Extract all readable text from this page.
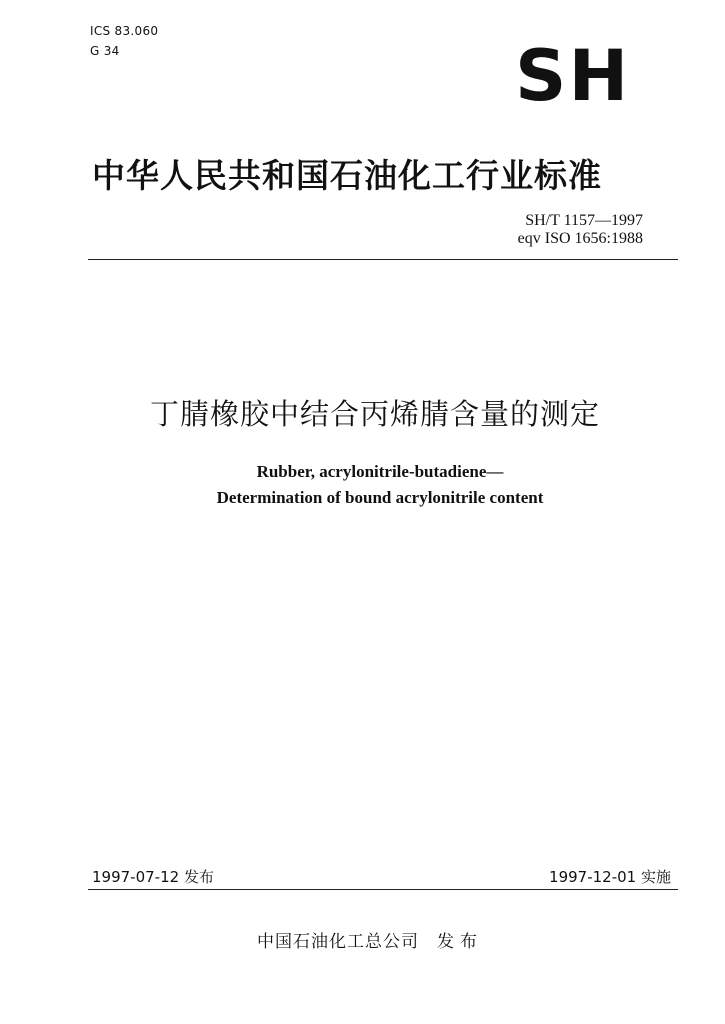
ICS 83.060
G 34	SH
中华人民共和国石油化工行业标准
SH/T 1157—1997
eqv ISO 1656:1988
丁腈橡胶中结合丙烯腈含量的测定
Rubber, acrylonitrile-butadiene—
Determination of bound acrylonitrile content
1997-07-12 发布	1997-12-01 实施
中国石油化工总公司 发布
